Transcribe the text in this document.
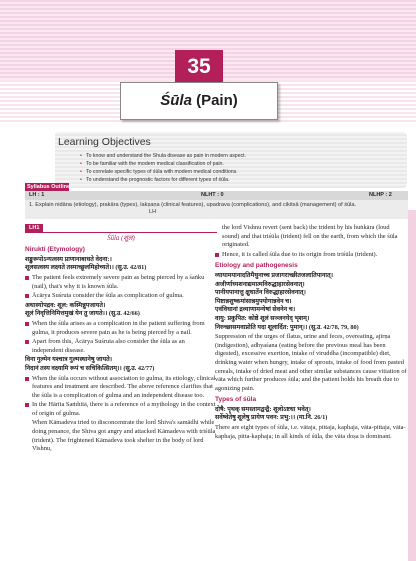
35
Śūla (Pain)
Learning Objectives
• To know and understand the Shula disease as pain in modern aspect.
• To be familiar with the modern medical classification of pain.
• To correlate specific types of śūla with modern medical conditions.
• To understand the prognostic factors for different types of śūla.
Syllabus Outline
LH : 1	NLHT : 0	NLHP : 2
1. Explain nidāna (etiology), prakāra (types), lakṣaṇa (clinical features), upadrava (complications), and cikitsā (management) of śūla.
LH
LH1
Śūla (शूल)
Nirukti (Etymology)

शङ्कुरूपोऽन्यत्वस्य प्राणानाबाधते वेदना:।

शूलसत्वस्य लक्ष्यते तस्माच्छूलमिहोच्यते।। (सु.उ. 42/81)

The patient feels extremely severe pain as being pierced by a śaṅku (nail), that's why it is known śūla.

Ācārya Suśruta consider the śūla as complication of gulma.

अथास्योपद्रव: शूल: कस्मिन्नुपजायते।

शूलं निवृत्तिनिमित्तमुखं येन तु जायते।। (सु.उ. 42/66)

When the śūla arises as a complication in the patient suffering from gulma, it produces severe pain as he is being pierced by a nail.

Apart from this, Ācārya Suśruta also consider the śūla as an independent disease.

विना गुल्मेन यश्चात्र गुल्मस्थानेषु जायते।

निदानं तस्य वक्ष्यामि रूपं च सचिकित्सितम्।। (सु.उ. 42/77)

When the śūla occurs without association to gulma, its etiology, clinical features and treatment are described. The above reference clarifies that the śūla is a complication of gulma and an independent disease too.

In the Hārīta Saṁhitā, there is a reference of a mythology in the context of origin of gulma.

When Kāmadeva tried to disconcentrate the lord Shiva's samādhi while doing penance, the Shiva got angry and attacked Kāmadeva with triśūla (trident). The frightened Kāmadeva took shelter in the body of lord Vishnu,

the lord Vishnu revert (sent back) the trident by his huṅkāra (loud sound) and that triśūla (trident) fell on the earth, from which the śūla originated.

Hence, it is called śūla due to its origin from triśūla (trident).

Etiology and pathogenesis

व्यायामयानादतिमैथुनाच्च प्रजागराच्छीतजलातिपानात्।

अजीर्णाध्यशनाद्यमात्मविरुद्धाहारसेवनात्।

पानीयपानात्तु क्षुधार्तेन विरुद्धाहारसेवनात्।

पिष्टान्नशुष्कमांसान्नमुपयोगान्नवेन च।

एवंविधानां द्रव्याणामन्येषां सेवनेन च।

वायु: प्रकुपित: कोष्ठे शूलं सञ्जनयेद् भृशम्।

निरुच्छासमवाप्नोति यदा शूलार्दित: पुमान्।। (सु.उ. 42/78, 79, 80)

Suppression of the urges of flatus, urine and feces, overeating, ajīrṇa (indigestion), adhyaśana (eating before the previous meal has been digested), excessive exertion, intake of viruddha (incompatible) diet, drinking water when hungry, intake of sprouts, intake of food from pasted cereals, intake of dried meat and other similar substances cause vitiation of vāta which further produces śūla; and the patient holds his breath due to agonizing pain.

Types of śūla

दोषै: पृथक् समस्तामद्वन्द्वै: शूलोऽष्टधा भवेत्।

सर्वेष्वेतेषु शूलेषु प्रायेण पवन: प्रभु:।। (मा.नि. 26/1)

There are eight types of śūla, i.e. vātaja, pittaja, kaphaja, vāta-pittaja, vāta-kaphaja, pitta-kaphaja; in all kinds of śūla, the vāta doṣa is dominant.
